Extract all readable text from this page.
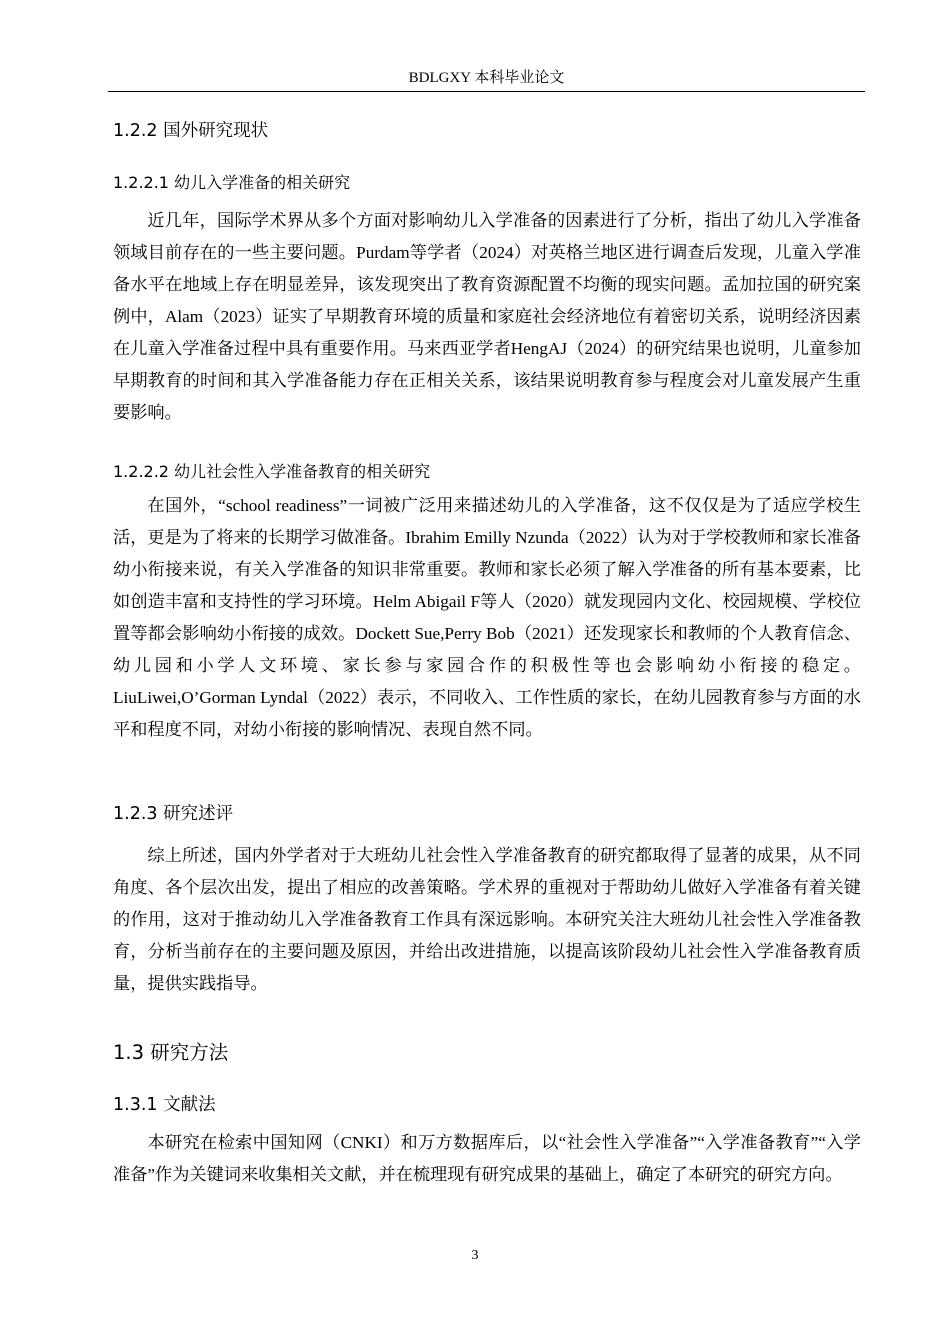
BDLGXY 本科毕业论文
1.2.2 国外研究现状
1.2.2.1 幼儿入学准备的相关研究

近几年，国际学术界从多个方面对影响幼儿入学准备的因素进行了分析，指出了幼儿入学准备领域目前存在的一些主要问题。Purdam等学者（2024）对英格兰地区进行调查后发现，儿童入学准备水平在地域上存在明显差异，该发现突出了教育资源配置不均衡的现实问题。孟加拉国的研究案例中，Alam（2023）证实了早期教育环境的质量和家庭社会经济地位有着密切关系，说明经济因素在儿童入学准备过程中具有重要作用。马来西亚学者HengAJ（2024）的研究结果也说明，儿童参加早期教育的时间和其入学准备能力存在正相关关系，该结果说明教育参与程度会对儿童发展产生重要影响。

1.2.2.2 幼儿社会性入学准备教育的相关研究

在国外，“school readiness”一词被广泛用来描述幼儿的入学准备，这不仅仅是为了适应学校生活，更是为了将来的长期学习做准备。Ibrahim Emilly Nzunda（2022）认为对于学校教师和家长准备幼小衔接来说，有关入学准备的知识非常重要。教师和家长必须了解入学准备的所有基本要素，比如创造丰富和支持性的学习环境。Helm Abigail F等人（2020）就发现园内文化、校园规模、学校位置等都会影响幼小衔接的成效。Dockett Sue,Perry Bob（2021）还发现家长和教师的个人教育信念、幼儿园和小学人文环境、家长参与家园合作的积极性等也会影响幼小衔接的稳定。LiuLiwei,O’Gorman Lyndal（2022）表示，不同收入、工作性质的家长，在幼儿园教育参与方面的水平和程度不同，对幼小衔接的影响情况、表现自然不同。

1.2.3 研究述评

综上所述，国内外学者对于大班幼儿社会性入学准备教育的研究都取得了显著的成果，从不同角度、各个层次出发，提出了相应的改善策略。学术界的重视对于帮助幼儿做好入学准备有着关键的作用，这对于推动幼儿入学准备教育工作具有深远影响。本研究关注大班幼儿社会性入学准备教育，分析当前存在的主要问题及原因，并给出改进措施，以提高该阶段幼儿社会性入学准备教育质量，提供实践指导。

1.3 研究方法
1.3.1 文献法

本研究在检索中国知网（CNKI）和万方数据库后，以“社会性入学准备”“入学准备教育”“入学准备”作为关键词来收集相关文献，并在梳理现有研究成果的基础上，确定了本研究的研究方向。

3
